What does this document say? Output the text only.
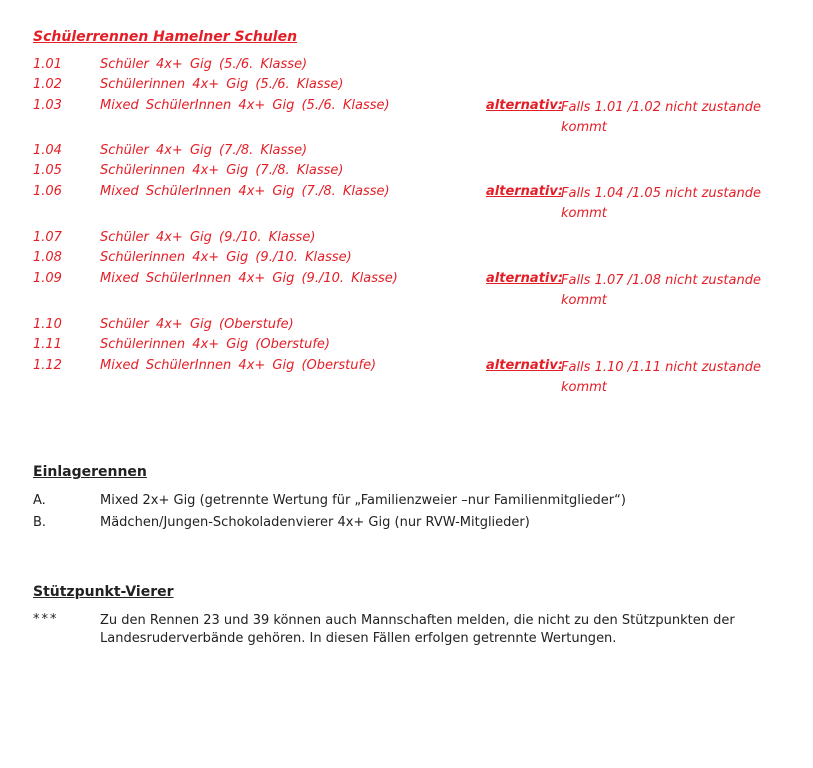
Schülerrennen Hamelner Schulen
1.01	Schüler 4x+ Gig (5./6. Klasse)
1.02	Schülerinnen 4x+ Gig (5./6. Klasse)
1.03	Mixed SchülerInnen 4x+ Gig (5./6. Klasse)	alternativ:
Falls 1.01 /1.02 nicht zustande kommt
1.04	Schüler 4x+ Gig (7./8. Klasse)
1.05	Schülerinnen 4x+ Gig (7./8. Klasse)
1.06	Mixed SchülerInnen 4x+ Gig (7./8. Klasse)	alternativ:
Falls 1.04 /1.05 nicht zustande kommt
1.07	Schüler 4x+ Gig (9./10. Klasse)
1.08	Schülerinnen 4x+ Gig (9./10. Klasse)
1.09	Mixed SchülerInnen 4x+ Gig (9./10. Klasse)	alternativ:
Falls 1.07 /1.08 nicht zustande kommt
1.10	Schüler 4x+ Gig (Oberstufe)
1.11	Schülerinnen 4x+ Gig (Oberstufe)
1.12	Mixed SchülerInnen 4x+ Gig (Oberstufe)	alternativ:
Falls 1.10 /1.11 nicht zustande kommt
Einlagerennen
A.	Mixed 2x+ Gig (getrennte Wertung für „Familienzweier –nur Familienmitglieder“)
B.	Mädchen/Jungen-Schokoladenvierer 4x+ Gig (nur RVW-Mitglieder)
Stützpunkt-Vierer
***	Zu den Rennen 23 und 39 können auch Mannschaften melden, die nicht zu den Stützpunkten der Landesruderverbände gehören. In diesen Fällen erfolgen getrennte Wertungen.
